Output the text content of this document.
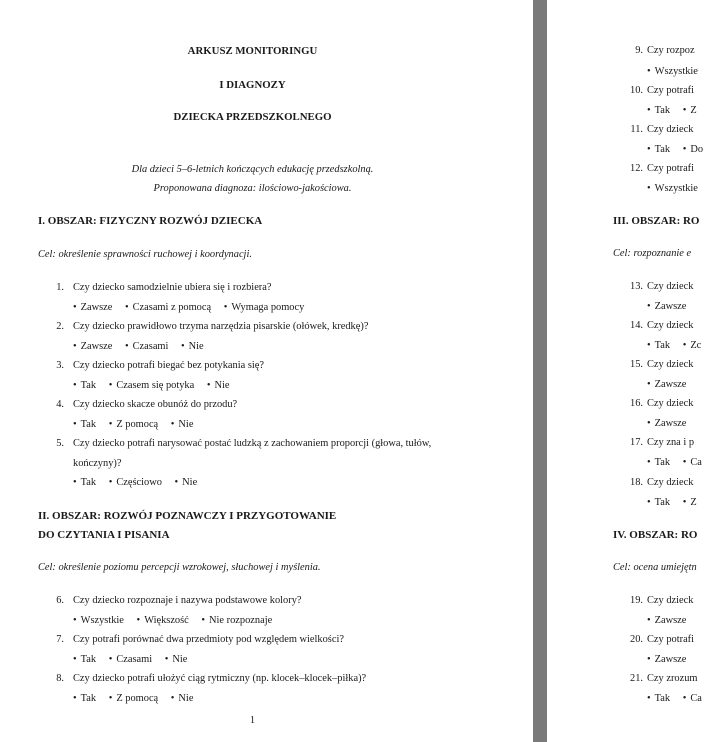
ARKUSZ MONITORINGU
I DIAGNOZY
DZIECKA PRZEDSZKOLNEGO
Dla dzieci 5–6-letnich kończących edukację przedszkolną.
Proponowana diagnoza: ilościowo-jakościowa.
I. OBSZAR: FIZYCZNY ROZWÓJ DZIECKA
Cel: określenie sprawności ruchowej i koordynacji.
1. Czy dziecko samodzielnie ubiera się i rozbiera?
• Zawsze • Czasami z pomocą • Wymaga pomocy
2. Czy dziecko prawidłowo trzyma narzędzia pisarskie (ołówek, kredkę)?
• Zawsze • Czasami • Nie
3. Czy dziecko potrafi biegać bez potykania się?
• Tak • Czasem się potyka • Nie
4. Czy dziecko skacze obunóż do przodu?
• Tak • Z pomocą • Nie
5. Czy dziecko potrafi narysować postać ludzką z zachowaniem proporcji (głowa, tułów,
kończyny)?
• Tak • Częściowo • Nie
II. OBSZAR: ROZWÓJ POZNAWCZY I PRZYGOTOWANIE
DO CZYTANIA I PISANIA
Cel: określenie poziomu percepcji wzrokowej, słuchowej i myślenia.
6. Czy dziecko rozpoznaje i nazywa podstawowe kolory?
• Wszystkie • Większość • Nie rozpoznaje
7. Czy potrafi porównać dwa przedmioty pod względem wielkości?
• Tak • Czasami • Nie
8. Czy dziecko potrafi ułożyć ciąg rytmiczny (np. klocek–klocek–piłka)?
• Tak • Z pomocą • Nie
1
9. Czy rozpoz
• Wszystkie
10. Czy potrafi
• Tak • Z
11. Czy dzieck
• Tak • Do
12. Czy potrafi
• Wszystkie
III. OBSZAR: RO
Cel: rozpoznanie e
13. Czy dzieck
• Zawsze
14. Czy dzieck
• Tak • Zc
15. Czy dzieck
• Zawsze
16. Czy dzieck
• Zawsze
17. Czy zna i p
• Tak • Ca
18. Czy dzieck
• Tak • Z
IV. OBSZAR: RO
Cel: ocena umiejętn
19. Czy dzieck
• Zawsze
20. Czy potrafi
• Zawsze
21. Czy zrozum
• Tak • Ca
